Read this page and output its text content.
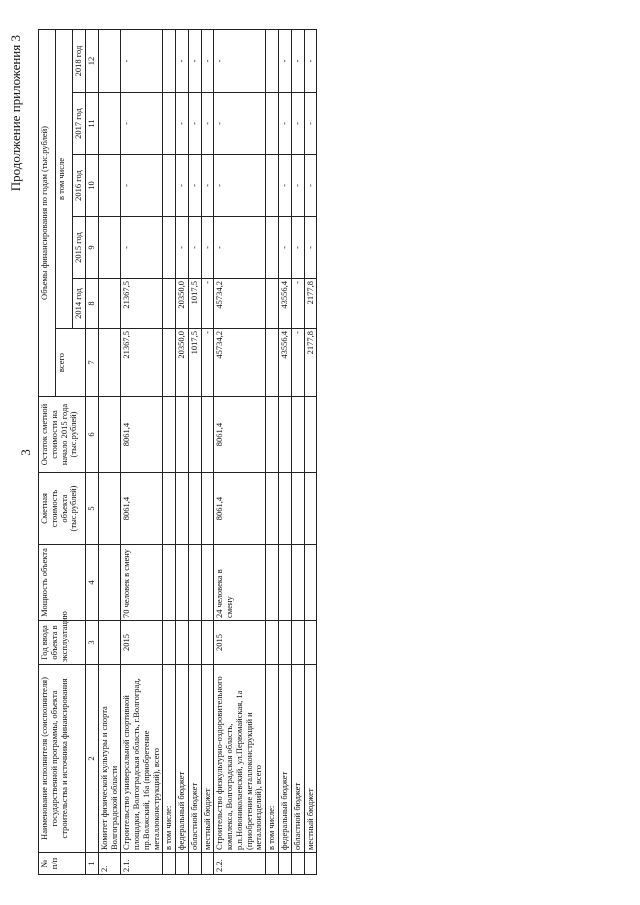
3
Продолжение приложения 3
№ п/п	Наименование исполнителя (соисполнителя) государственной программы, объекта строительства и источника финансирования	Год ввода объекта в эксплуатацию	Мощность объекта	Сметная стоимость объекта (тыс.рублей)	Остаток сметной стоимости на начало 2015 года (тыс.рублей)	Объемы финансирования по годам (тыс.рублей)					
						всего	в том числе				
							2014 год	2015 год	2016 год	2017 год	2018 год
1	2	3	4	5	6	7	8	9	10	11	12
2.	Комитет физической культуры и спорта Волгоградской области										
2.1.	Строительство универсальной спортивной площадки, Волгоградская область, г.Волгоград, пр.Волжский, 16а (приобретение металлоконструкций), всего	2015	70 человек в смену	8061,4	8061,4	21367,5	21367,5	-	-	-	-
	в том числе:										
	федеральный бюджет					20350,0	20350,0	-	-	-	-
	областной бюджет					1017,5	1017,5	-	-	-	-
	местный бюджет					-	-	-	-	-	-
2.2.	Строительство физкультурно-оздоровительного комплекса, Волгоградская область, р.п.Новониколаевский, ул.Первомайская, 1а (приобретение металлоконструкций и металлоизделий), всего	2015	24 человека в смену	8061,4	8061,4	45734,2	45734,2	-	-	-	-
	в том числе:										
	федеральный бюджет					43556,4	43556,4	-	-	-	-
	областной бюджет					-	-	-	-	-	-
	местный бюджет					2177,8	2177,8	-	-	-	-
